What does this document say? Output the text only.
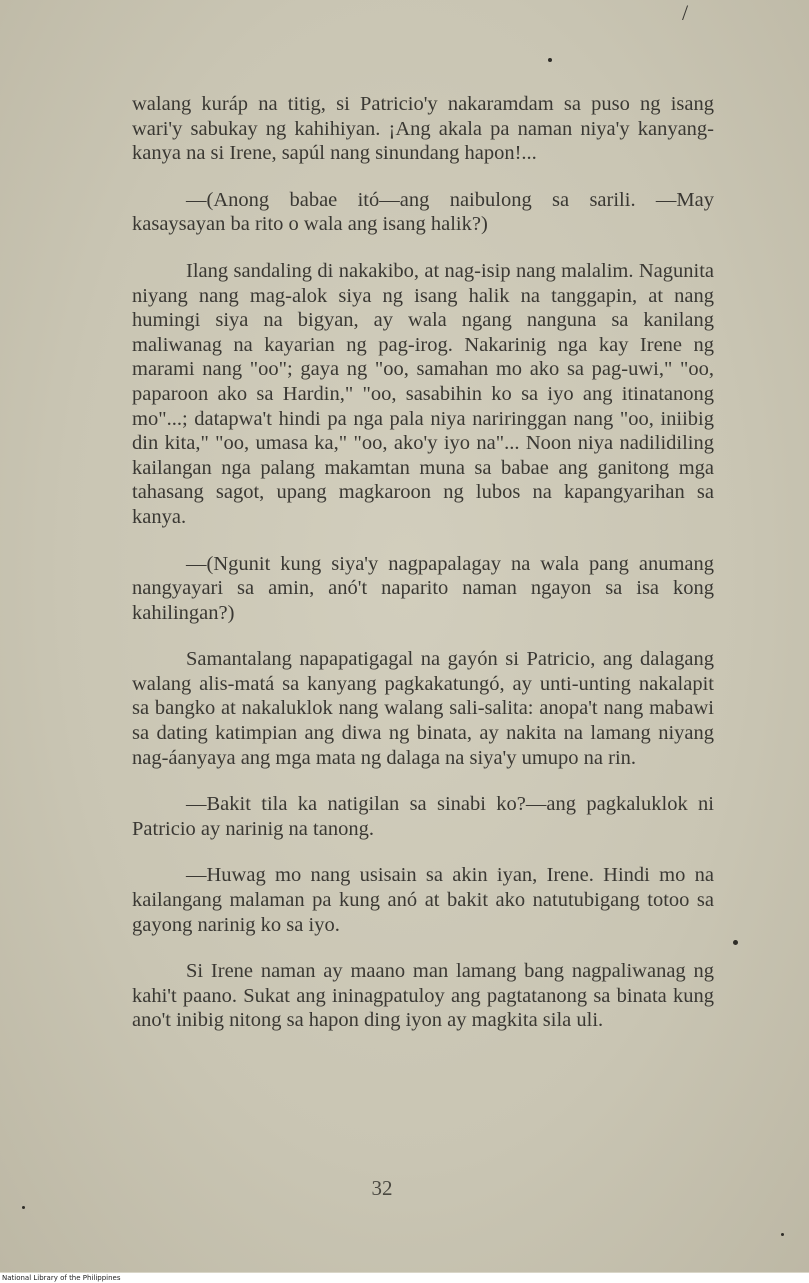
/

walang kuráp na titig, si Patricio'y nakaramdam sa puso ng isang wari'y sabukay ng kahihiyan. ¡Ang akala pa naman niya'y kanyang-kanya na si Irene, sapúl nang sinundang hapon!...

—(Anong babae itó—ang naibulong sa sarili. —May kasaysayan ba rito o wala ang isang halik?)

Ilang sandaling di nakakibo, at nag-isip nang malalim. Nagunita niyang nang mag-alok siya ng isang halik na tanggapin, at nang humingi siya na bigyan, ay wala ngang nanguna sa kanilang maliwanag na kayarian ng pag-irog. Nakarinig nga kay Irene ng marami nang "oo"; gaya ng "oo, samahan mo ako sa pag-uwi," "oo, paparoon ako sa Hardin," "oo, sasabihin ko sa iyo ang itinatanong mo"...; datapwa't hindi pa nga pala niya nariringgan nang "oo, iniibig din kita," "oo, umasa ka," "oo, ako'y iyo na"... Noon niya nadilidiling kailangan nga palang makamtan muna sa babae ang ganitong mga tahasang sagot, upang magkaroon ng lubos na kapangyarihan sa kanya.

—(Ngunit kung siya'y nagpapalagay na wala pang anumang nangyayari sa amin, anó't naparito naman ngayon sa isa kong kahilingan?)

Samantalang napapatigagal na gayón si Patricio, ang dalagang walang alis-matá sa kanyang pagkakatungó, ay unti-unting nakalapit sa bangko at nakaluklok nang walang sali-salita: anopa't nang mabawi sa dating katimpian ang diwa ng binata, ay nakita na lamang niyang nag-áanyaya ang mga mata ng dalaga na siya'y umupo na rin.

—Bakit tila ka natigilan sa sinabi ko?—ang pagkaluklok ni Patricio ay narinig na tanong.

—Huwag mo nang usisain sa akin iyan, Irene. Hindi mo na kailangang malaman pa kung anó at bakit ako natutubigang totoo sa gayong narinig ko sa iyo.

Si Irene naman ay maano man lamang bang nagpaliwanag ng kahi't paano. Sukat ang ininagpatuloy ang pagtatanong sa binata kung ano't inibig nitong sa hapon ding iyon ay magkita sila uli.

32
National Library of the Philippines
